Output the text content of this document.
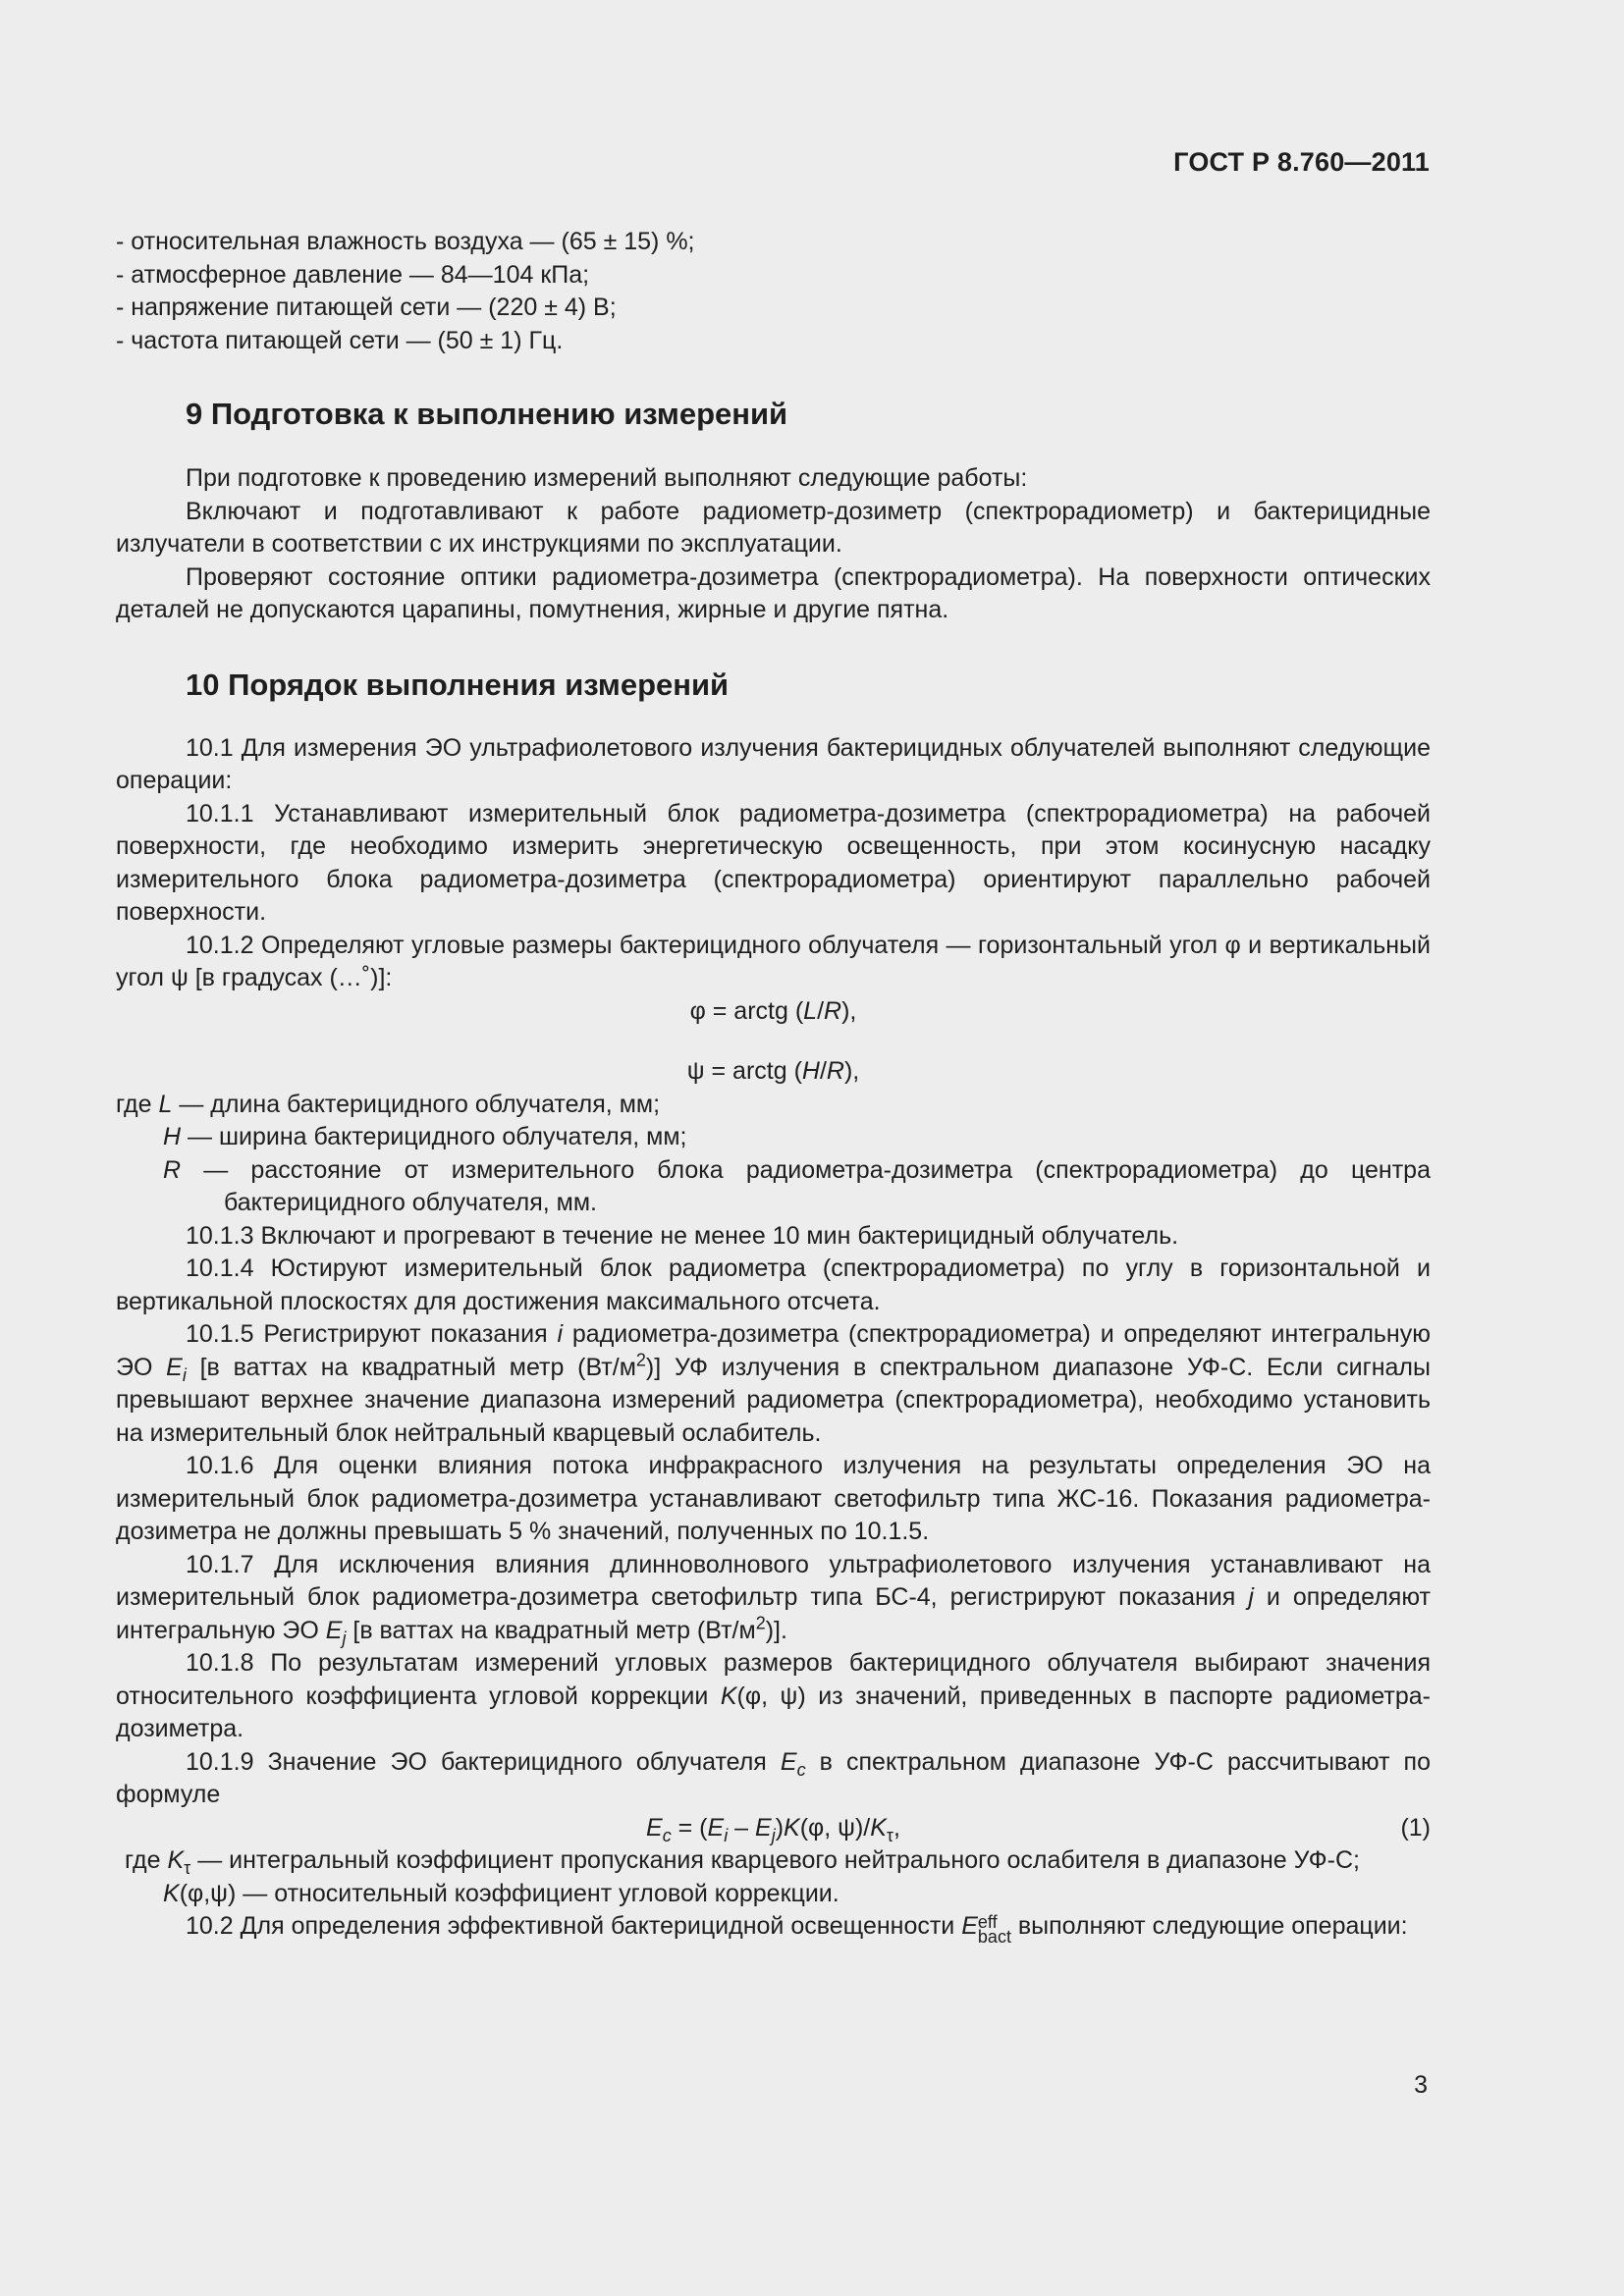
ГОСТ Р 8.760—2011

- относительная влажность воздуха — (65 ± 15) %;

- атмосферное давление — 84—104 кПа;

- напряжение питающей сети — (220 ± 4) В;

- частота питающей сети — (50 ± 1) Гц.

9 Подготовка к выполнению измерений

При подготовке к проведению измерений выполняют следующие работы:

Включают и подготавливают к работе радиометр-дозиметр (спектрорадиометр) и бактерицидные излучатели в соответствии с их инструкциями по эксплуатации.

Проверяют состояние оптики радиометра-дозиметра (спектрорадиометра). На поверхности оптических деталей не допускаются царапины, помутнения, жирные и другие пятна.

10 Порядок выполнения измерений

10.1 Для измерения ЭО ультрафиолетового излучения бактерицидных облучателей выполняют следующие операции:

10.1.1 Устанавливают измерительный блок радиометра-дозиметра (спектрорадиометра) на рабочей поверхности, где необходимо измерить энергетическую освещенность, при этом косинусную насадку измерительного блока радиометра-дозиметра (спектрорадиометра) ориентируют параллельно рабочей поверхности.

10.1.2 Определяют угловые размеры бактерицидного облучателя — горизонтальный угол φ и вертикальный угол ψ [в градусах (…˚)]:

φ = arctg (L/R),

ψ = arctg (H/R),

где L — длина бактерицидного облучателя, мм;

H — ширина бактерицидного облучателя, мм;

R — расстояние от измерительного блока радиометра-дозиметра (спектрорадиометра) до центра бактерицидного облучателя, мм.

10.1.3 Включают и прогревают в течение не менее 10 мин бактерицидный облучатель.

10.1.4 Юстируют измерительный блок радиометра (спектрорадиометра) по углу в горизонтальной и вертикальной плоскостях для достижения максимального отсчета.

10.1.5 Регистрируют показания i радиометра-дозиметра (спектрорадиометра) и определяют интегральную ЭО $E_i$ [в ваттах на квадратный метр $(Вт/м^2)$] УФ излучения в спектральном диапазоне УФ-С. Если сигналы превышают верхнее значение диапазона измерений радиометра (спектрорадиометра), необходимо установить на измерительный блок нейтральный кварцевый ослабитель.

10.1.6 Для оценки влияния потока инфракрасного излучения на результаты определения ЭО на измерительный блок радиометра-дозиметра устанавливают светофильтр типа ЖС-16. Показания радиометра-дозиметра не должны превышать 5 % значений, полученных по 10.1.5.

10.1.7 Для исключения влияния длинноволнового ультрафиолетового излучения устанавливают на измерительный блок радиометра-дозиметра светофильтр типа БС-4, регистрируют показания j и определяют интегральную ЭО $E_j$ [в ваттах на квадратный метр $(Вт/м^2)$].

10.1.8 По результатам измерений угловых размеров бактерицидного облучателя выбирают значения относительного коэффициента угловой коррекции K(φ, ψ) из значений, приведенных в паспорте радиометра-дозиметра.

10.1.9 Значение ЭО бактерицидного облучателя $E_c$ в спектральном диапазоне УФ-С рассчитывают по формуле

$E_c = (E_i - E_j)K(\varphi$, $\psi)/K_\tau$,	(1)

где $K_\tau$ — интегральный коэффициент пропускания кварцевого нейтрального ослабителя в диапазоне УФ-С;

K(φ,ψ) — относительный коэффициент угловой коррекции.

10.2 Для определения эффективной бактерицидной освещенности Eeff
bact выполняют следующие операции:

3
